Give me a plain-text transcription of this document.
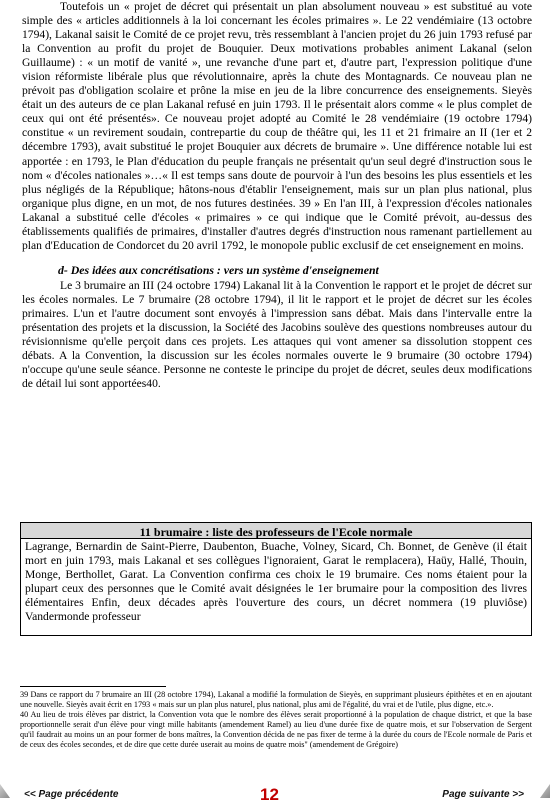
Toutefois un « projet de décret qui présentait un plan absolument nouveau » est substitué au vote simple des « articles additionnels à la loi concernant les écoles primaires ». Le 22 vendémiaire (13 octobre 1794), Lakanal saisit le Comité de ce projet revu, très ressemblant à l'ancien projet du 26 juin 1793 refusé par la Convention au profit du projet de Bouquier. Deux motivations probables animent Lakanal (selon Guillaume) : « un motif de vanité », une revanche d'une part et, d'autre part, l'expression politique d'une vision réformiste libérale plus que révolutionnaire, après la chute des Montagnards. Ce nouveau plan ne prévoit pas d'obligation scolaire et prône la mise en jeu de la libre concurrence des enseignements. Sieyès était un des auteurs de ce plan Lakanal refusé en juin 1793. Il le présentait alors comme « le plus complet de ceux qui ont été présentés». Ce nouveau projet adopté au Comité le 28 vendémiaire (19 octobre 1794) constitue « un revirement soudain, contrepartie du coup de théâtre qui, les 11 et 21 frimaire an II (1er et 2 décembre 1793), avait substitué le projet Bouquier aux décrets de brumaire ». Une différence notable lui est apportée : en 1793, le Plan d'éducation du peuple français ne présentait qu'un seul degré d'instruction sous le nom « d'écoles nationales »…« Il est temps sans doute de pourvoir à l'un des besoins les plus essentiels et les plus négligés de la République; hâtons-nous d'établir l'enseignement, mais sur un plan plus national, plus organique plus digne, en un mot, de nos futures destinées. 39 » En l'an III, à l'expression d'écoles nationales Lakanal a substitué celle d'écoles « primaires » ce qui indique que le Comité prévoit, au-dessus des établissements qualifiés de primaires, d'installer d'autres degrés d'instruction nous ramenant partiellement au plan d'Education de Condorcet du 20 avril 1792, le monopole public exclusif de cet enseignement en moins.

d- Des idées aux concrétisations : vers un système d'enseignement

Le 3 brumaire an III (24 octobre 1794) Lakanal lit à la Convention le rapport et le projet de décret sur les écoles normales. Le 7 brumaire (28 octobre 1794), il lit le rapport et le projet de décret sur les écoles primaires. L'un et l'autre document sont envoyés à l'impression sans débat. Mais dans l'intervalle entre la présentation des projets et la discussion, la Société des Jacobins soulève des questions nombreuses autour du révisionnisme qu'elle perçoit dans ces projets. Les attaques qui vont amener sa dissolution stoppent ces débats. A la Convention, la discussion sur les écoles normales ouverte le 9 brumaire (30 octobre 1794) n'occupe qu'une seule séance. Personne ne conteste le principe du projet de décret, seules deux modifications de détail lui sont apportées40.

11 brumaire : liste des professeurs de l'Ecole normale
Lagrange, Bernardin de Saint-Pierre, Daubenton, Buache, Volney, Sicard, Ch. Bonnet, de Genève (il était mort en juin 1793, mais Lakanal et ses collègues l'ignoraient, Garat le remplacera), Haüy, Hallé, Thouin, Monge, Berthollet, Garat. La Convention confirma ces choix le 19 brumaire. Ces noms étaient pour la plupart ceux des personnes que le Comité avait désignées le 1er brumaire pour la composition des livres élémentaires Enfin, deux décades après l'ouverture des cours, un décret nommera (19 pluviôse) Vandermonde professeur

39 Dans ce rapport du 7 brumaire an III (28 octobre 1794), Lakanal a modifié la formulation de Sieyès, en supprimant plusieurs épithètes et en en ajoutant une nouvelle. Sieyès avait écrit en 1793 « mais sur un plan plus naturel, plus national, plus ami de l'égalité, du vrai et de l'utile, plus digne, etc.».

40 Au lieu de trois élèves par district, la Convention vota que le nombre des élèves serait proportionné à la population de chaque district, et que la base proportionnelle serait d'un élève pour vingt mille habitants (amendement Ramel) au lieu d'une durée fixe de quatre mois, et sur l'observation de Sergent qu'il faudrait au moins un an pour former de bons maîtres, la Convention décida de ne pas fixer de terme à la durée du cours de l'Ecole normale de Paris et de ceux des écoles secondes, et de dire que cette durée userait au moins de quatre mois" (amendement de Grégoire)

<< Page précédente	12	Page suivante >>
